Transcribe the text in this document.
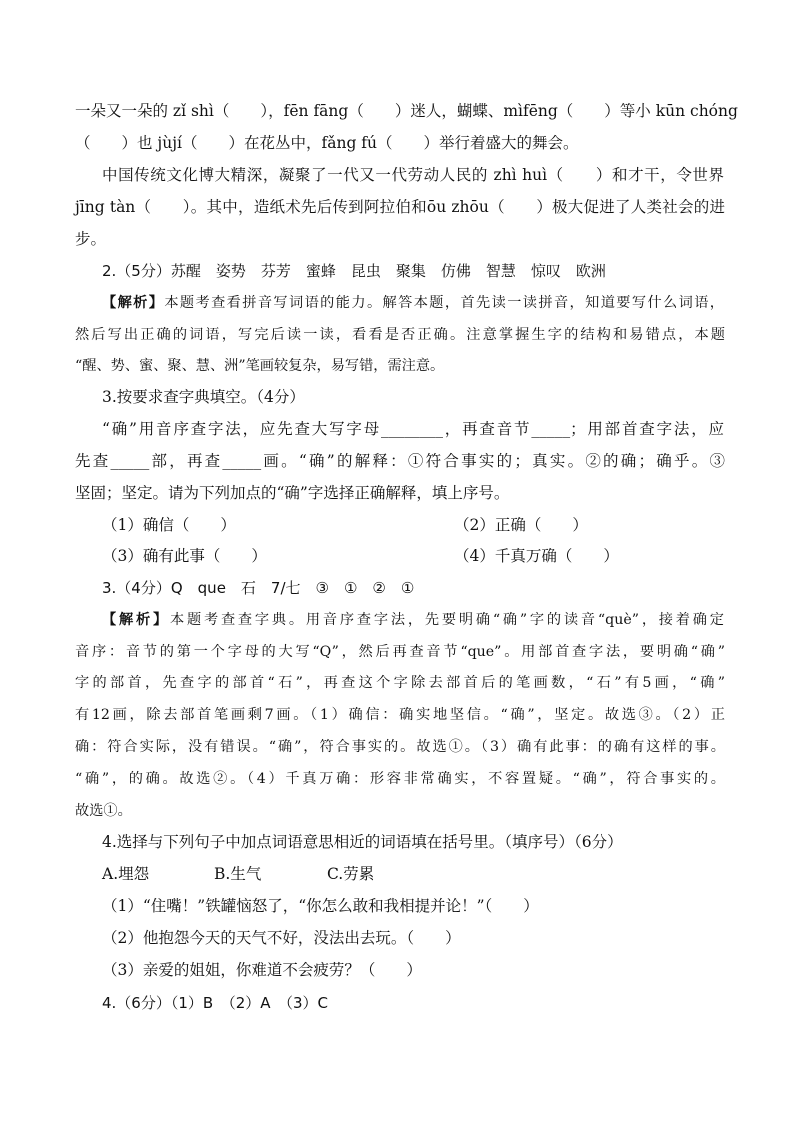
一朵又一朵的 zǐ shì（　　），fēn fāng（　　）迷人，蝴蝶、mìfēng（　　）等小 kūn chóng
（　　）也 jùjí（　　）在花丛中，fǎng fú（　　）举行着盛大的舞会。
中国传统文化博大精深，凝聚了一代又一代劳动人民的 zhì huì（　　）和才干，令世界
jīng tàn（　　）。其中，造纸术先后传到阿拉伯和ōu zhōu（　　）极大促进了人类社会的进
步。
2.（5分）苏醒　姿势　芬芳　蜜蜂　昆虫　聚集　仿佛　智慧　惊叹　欧洲
【解析】本题考查看拼音写词语的能力。解答本题，首先读一读拼音，知道要写什么词语，
然后写出正确的词语，写完后读一读，看看是否正确。注意掌握生字的结构和易错点，本题
“醒、势、蜜、聚、慧、洲”笔画较复杂，易写错，需注意。
3.按要求查字典填空。（4分）
“确”用音序查字法，应先查大写字母________，再查音节_____；用部首查字法，应
先查_____部，再查_____画。“确”的解释：①符合事实的；真实。②的确；确乎。③
坚固；坚定。请为下列加点的“确”字选择正确解释，填上序号。
（1）确信（　　）	（2）正确（　　）
（3）确有此事（　　）	（4）千真万确（　　）
3.（4分）Q　que　石　7/七　③　①　②　①
【解析】本题考查查字典。用音序查字法，先要明确“确”字的读音“què”，接着确定
音序：音节的第一个字母的大写“Q”，然后再查音节“que”。用部首查字法，要明确“确”
字的部首，先查字的部首“石”，再查这个字除去部首后的笔画数，“石”有5画，“确”
有12画，除去部首笔画剩7画。（1）确信：确实地坚信。“确”，坚定。故选③。（2）正
确：符合实际，没有错误。“确”，符合事实的。故选①。（3）确有此事：的确有这样的事。
“确”，的确。故选②。（4）千真万确：形容非常确实，不容置疑。“确”，符合事实的。
故选①。
4.选择与下列句子中加点词语意思相近的词语填在括号里。（填序号）（6分）
A.埋怨	B.生气	C.劳累
（1）“住嘴！”铁罐恼怒了，“你怎么敢和我相提并论！”（　　）
（2）他抱怨今天的天气不好，没法出去玩。（　　）
（3）亲爱的姐姐，你难道不会疲劳？（　　）
4.（6分）（1）B　（2）A　（3）C
